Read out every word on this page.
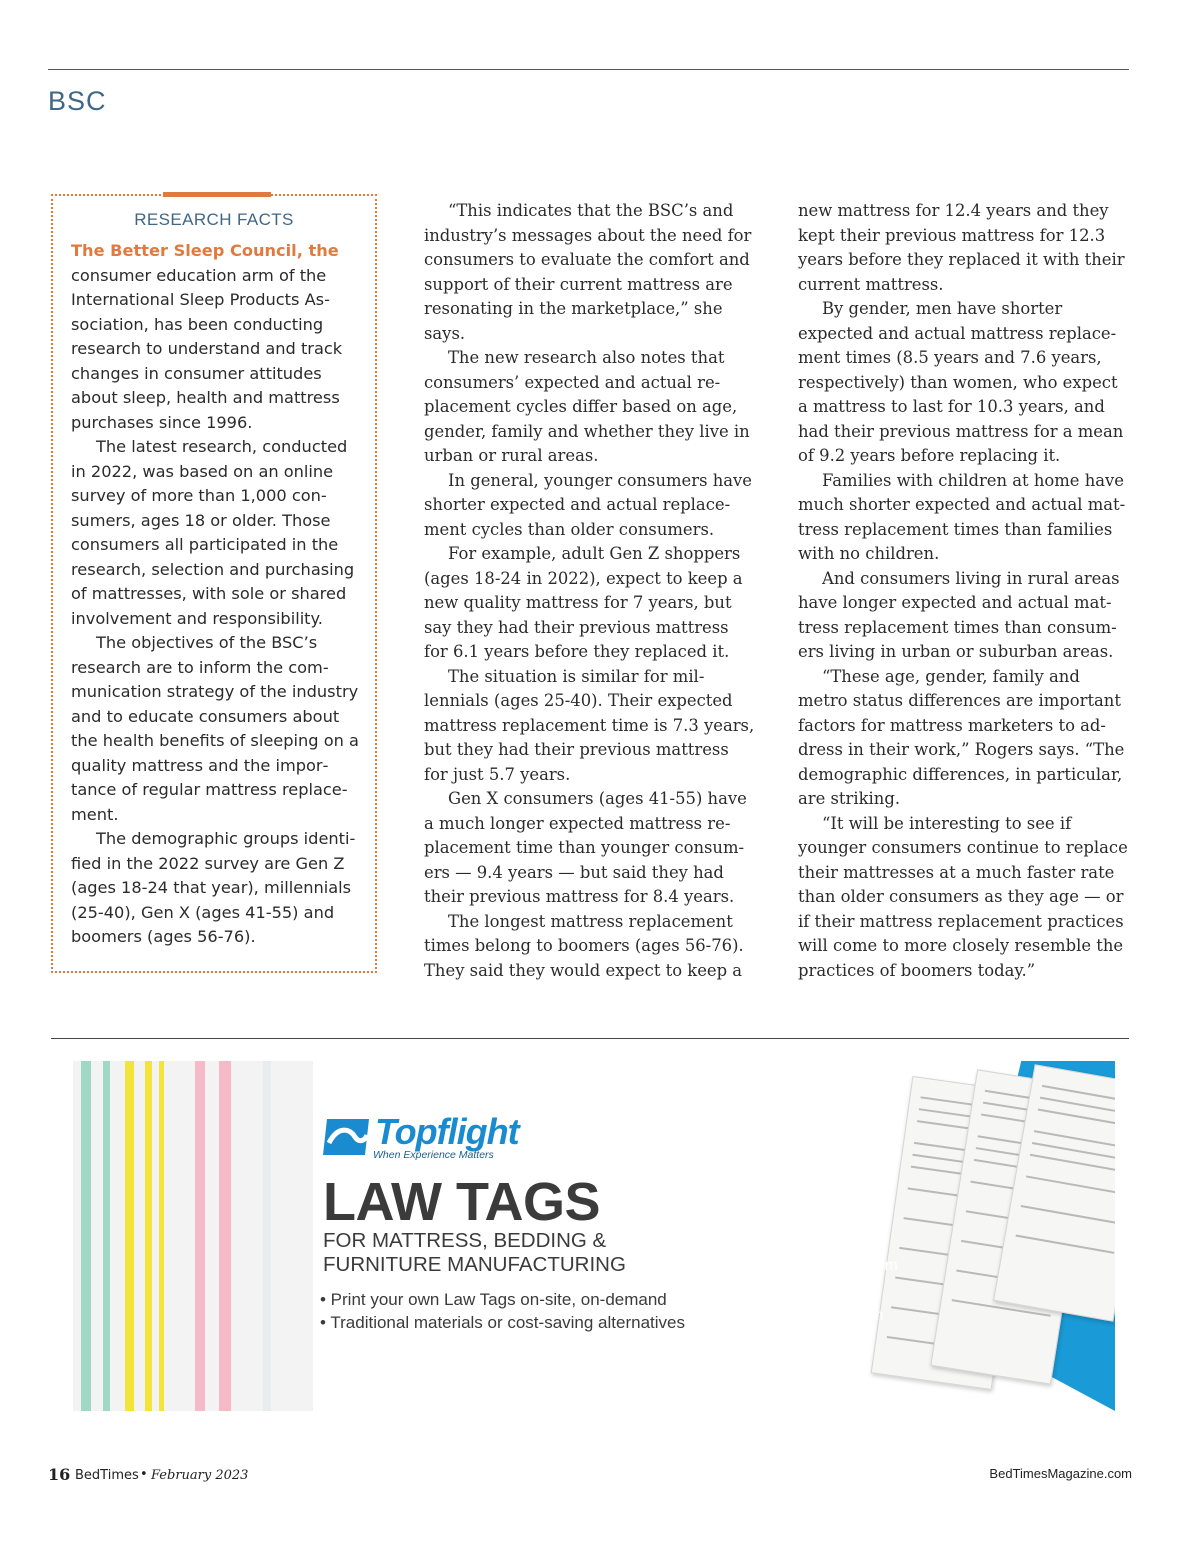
BSC
RESEARCH FACTS

The Better Sleep Council, the
consumer education arm of the International Sleep Products Association, has been conducting research to understand and track changes in consumer attitudes about sleep, health and mattress purchases since 1996.

The latest research, conducted in 2022, was based on an online survey of more than 1,000 consumers, ages 18 or older. Those consumers all participated in the research, selection and purchasing of mattresses, with sole or shared involvement and responsibility.

The objectives of the BSC’s research are to inform the communication strategy of the industry and to educate consumers about the health benefits of sleeping on a quality mattress and the importance of regular mattress replacement.

The demographic groups identified in the 2022 survey are Gen Z (ages 18-24 that year), millennials (25-40), Gen X (ages 41-55) and boomers (ages 56-76).

“This indicates that the BSC’s and industry’s messages about the need for consumers to evaluate the comfort and support of their current mattress are resonating in the marketplace,” she says.

The new research also notes that consumers’ expected and actual replacement cycles differ based on age, gender, family and whether they live in urban or rural areas.

In general, younger consumers have shorter expected and actual replacement cycles than older consumers.

For example, adult Gen Z shoppers (ages 18-24 in 2022), expect to keep a new quality mattress for 7 years, but say they had their previous mattress for 6.1 years before they replaced it.

The situation is similar for millennials (ages 25-40). Their expected mattress replacement time is 7.3 years, but they had their previous mattress for just 5.7 years.

Gen X consumers (ages 41-55) have a much longer expected mattress replacement time than younger consumers — 9.4 years — but said they had their previous mattress for 8.4 years.

The longest mattress replacement times belong to boomers (ages 56-76). They said they would expect to keep a

new mattress for 12.4 years and they kept their previous mattress for 12.3 years before they replaced it with their current mattress.

By gender, men have shorter expected and actual mattress replacement times (8.5 years and 7.6 years, respectively) than women, who expect a mattress to last for 10.3 years, and had their previous mattress for a mean of 9.2 years before replacing it.

Families with children at home have much shorter expected and actual mattress replacement times than families with no children.

And consumers living in rural areas have longer expected and actual mattress replacement times than consumers living in urban or suburban areas.

“These age, gender, family and metro status differences are important factors for mattress marketers to address in their work,” Rogers says. “The demographic differences, in particular, are striking.

“It will be interesting to see if younger consumers continue to replace their mattresses at a much faster rate than older consumers as they age — or if their mattress replacement practices will come to more closely resemble the practices of boomers today.”

Topflight
When Experience Matters
LAW TAGS
FOR MATTRESS, BEDDING &
FURNITURE MANUFACTURING
• Print your own Law Tags on-site, on-demand
• Traditional materials or cost-saving alternatives
For more
information contact:
MARK WHITE
mwhite@topflight.com
770-355-8521
www.topflight.com
16 BedTimes • February 2023	BedTimesMagazine.com
